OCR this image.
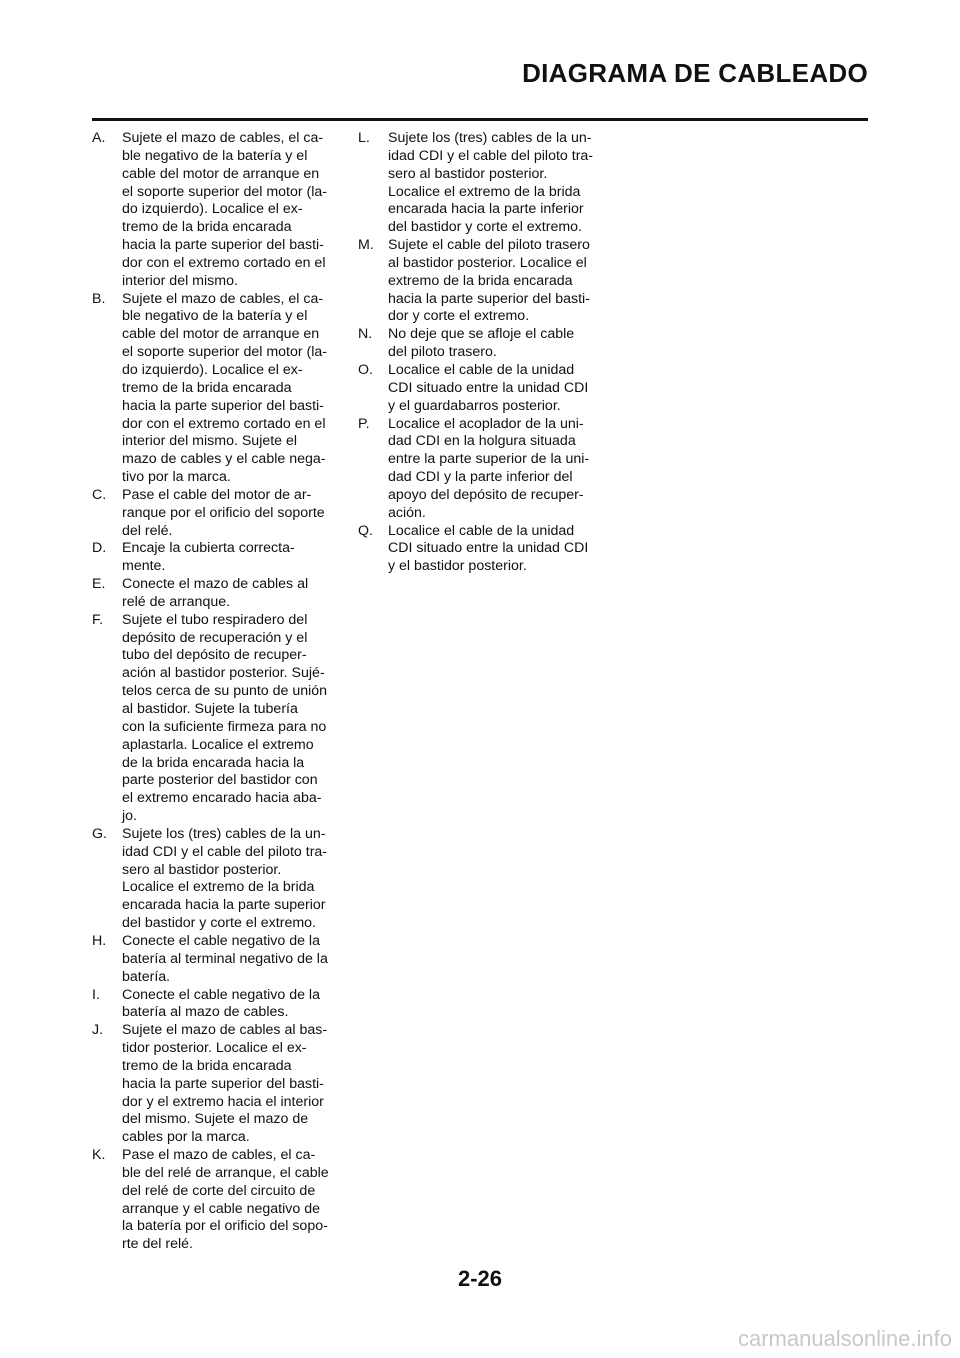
DIAGRAMA DE CABLEADO
A.	Sujete el mazo de cables, el ca-
ble negativo de la batería y el
cable del motor de arranque en
el soporte superior del motor (la-
do izquierdo). Localice el ex-
tremo de la brida encarada
hacia la parte superior del basti-
dor con el extremo cortado en el
interior del mismo.
B.	Sujete el mazo de cables, el ca-
ble negativo de la batería y el
cable del motor de arranque en
el soporte superior del motor (la-
do izquierdo). Localice el ex-
tremo de la brida encarada
hacia la parte superior del basti-
dor con el extremo cortado en el
interior del mismo. Sujete el
mazo de cables y el cable nega-
tivo por la marca.
C.	Pase el cable del motor de ar-
ranque por el orificio del soporte
del relé.
D.	Encaje la cubierta correcta-
mente.
E.	Conecte el mazo de cables al
relé de arranque.
F.	Sujete el tubo respiradero del
depósito de recuperación y el
tubo del depósito de recuper-
ación al bastidor posterior. Sujé-
telos cerca de su punto de unión
al bastidor. Sujete la tubería
con la suficiente firmeza para no
aplastarla. Localice el extremo
de la brida encarada hacia la
parte posterior del bastidor con
el extremo encarado hacia aba-
jo.
G.	Sujete los (tres) cables de la un-
idad CDI y el cable del piloto tra-
sero al bastidor posterior.
Localice el extremo de la brida
encarada hacia la parte superior
del bastidor y corte el extremo.
H.	Conecte el cable negativo de la
batería al terminal negativo de la
batería.
I.	Conecte el cable negativo de la
batería al mazo de cables.
J.	Sujete el mazo de cables al bas-
tidor posterior. Localice el ex-
tremo de la brida encarada
hacia la parte superior del basti-
dor y el extremo hacia el interior
del mismo. Sujete el mazo de
cables por la marca.
K.	Pase el mazo de cables, el ca-
ble del relé de arranque, el cable
del relé de corte del circuito de
arranque y el cable negativo de
la batería por el orificio del sopo-
rte del relé.
L.	Sujete los (tres) cables de la un-
idad CDI y el cable del piloto tra-
sero al bastidor posterior.
Localice el extremo de la brida
encarada hacia la parte inferior
del bastidor y corte el extremo.
M.	Sujete el cable del piloto trasero
al bastidor posterior. Localice el
extremo de la brida encarada
hacia la parte superior del basti-
dor y corte el extremo.
N.	No deje que se afloje el cable
del piloto trasero.
O.	Localice el cable de la unidad
CDI situado entre la unidad CDI
y el guardabarros posterior.
P.	Localice el acoplador de la uni-
dad CDI en la holgura situada
entre la parte superior de la uni-
dad CDI y la parte inferior del
apoyo del depósito de recuper-
ación.
Q.	Localice el cable de la unidad
CDI situado entre la unidad CDI
y el bastidor posterior.
2-26
carmanualsonline.info
